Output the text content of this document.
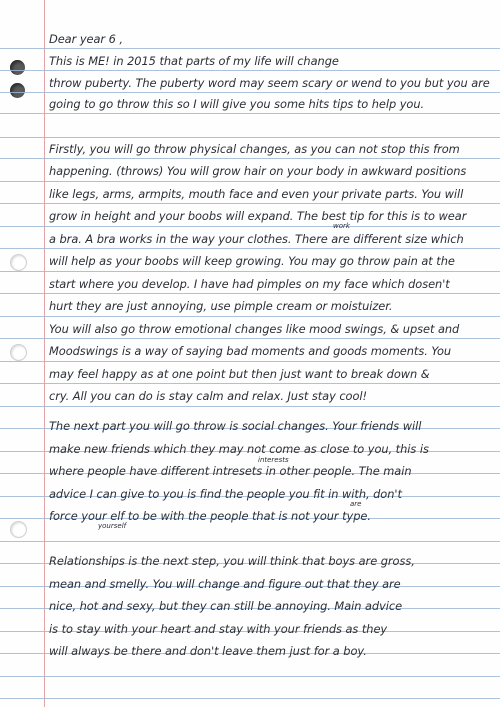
Dear year 6 ,
This is ME! in 2015 that parts of my life will change
throw puberty. The puberty word may seem scary or wend to you but you are
going to go throw this so I will give you some hits tips to help you.
Firstly, you will go throw physical changes, as you can not stop this from
happening. (throws) You will grow hair on your body in awkward positions
like legs, arms, armpits, mouth face and even your private parts. You will
grow in height and your boobs will expand. The best tip for this is to wear
a bra. A bra works in the way your clothes. There are different size which
will help as your boobs will keep growing. You may go throw pain at the
start where you develop. I have had pimples on my face which dosen't
hurt they are just annoying, use pimple cream or moistuizer.
You will also go throw emotional changes like mood swings, & upset and
Moodswings is a way of saying bad moments and goods moments. You
may feel happy as at one point but then just want to break down &
cry. All you can do is stay calm and relax. Just stay cool!
The next part you will go throw is social changes. Your friends will
make new friends which they may not come as close to you, this is
where people have different intresets in other people. The main
advice I can give to you is find the people you fit in with, don't
force your elf to be with the people that is not your type.
Relationships is the next step, you will think that boys are gross,
mean and smelly. You will change and figure out that they are
nice, hot and sexy, but they can still be annoying. Main advice
is to stay with your heart and stay with your friends as they
will always be there and don't leave them just for a boy.
work
interests
are
yourself
